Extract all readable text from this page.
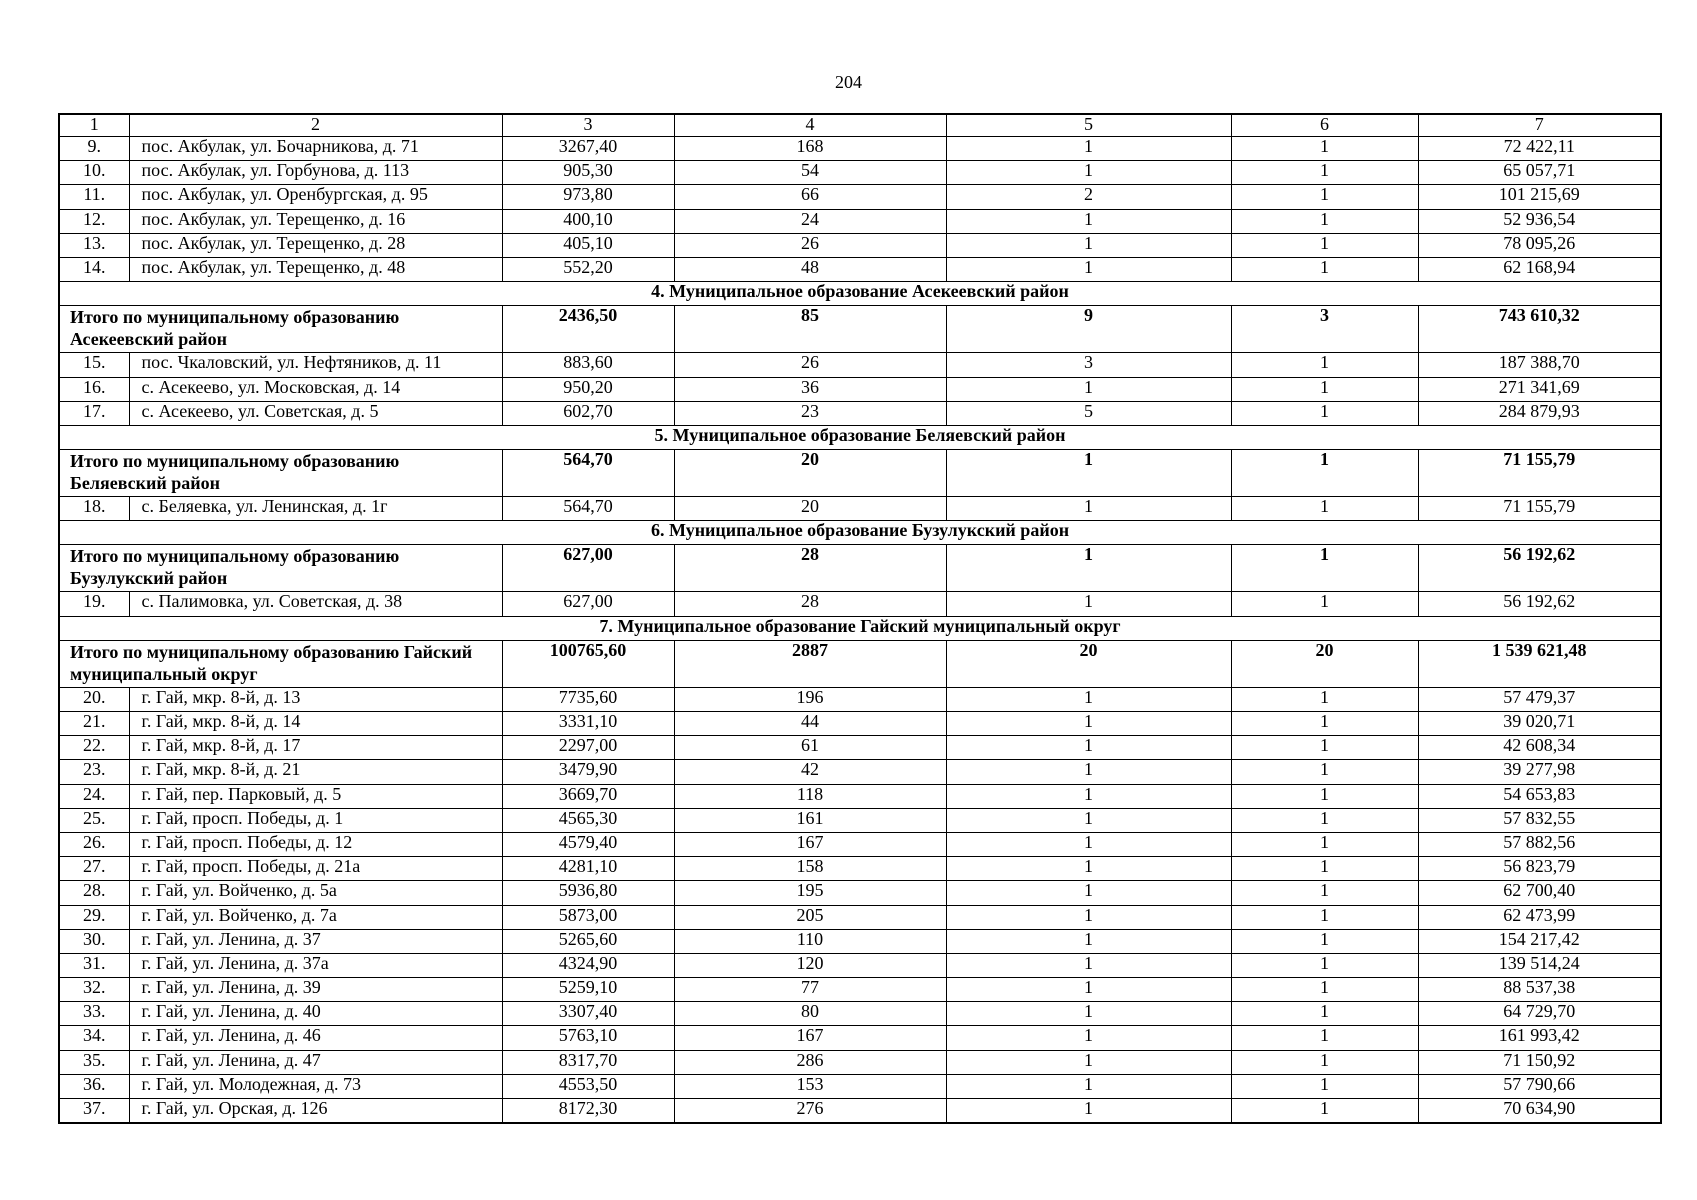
204
1	2	3	4	5	6	7
9.	пос. Акбулак, ул. Бочарникова, д. 71	3267,40	168	1	1	72 422,11
10.	пос. Акбулак, ул. Горбунова, д. 113	905,30	54	1	1	65 057,71
11.	пос. Акбулак, ул. Оренбургская, д. 95	973,80	66	2	1	101 215,69
12.	пос. Акбулак, ул. Терещенко, д. 16	400,10	24	1	1	52 936,54
13.	пос. Акбулак, ул. Терещенко, д. 28	405,10	26	1	1	78 095,26
14.	пос. Акбулак, ул. Терещенко, д. 48	552,20	48	1	1	62 168,94
4. Муниципальное образование Асекеевский район						
Итого по муниципальному образованию Асекеевский район		2436,50	85	9	3	743 610,32
15.	пос. Чкаловский, ул. Нефтяников, д. 11	883,60	26	3	1	187 388,70
16.	с. Асекеево, ул. Московская, д. 14	950,20	36	1	1	271 341,69
17.	с. Асекеево, ул. Советская, д. 5	602,70	23	5	1	284 879,93
5. Муниципальное образование Беляевский район						
Итого по муниципальному образованию Беляевский район		564,70	20	1	1	71 155,79
18.	с. Беляевка, ул. Ленинская, д. 1г	564,70	20	1	1	71 155,79
6. Муниципальное образование Бузулукский район						
Итого по муниципальному образованию Бузулукский район		627,00	28	1	1	56 192,62
19.	с. Палимовка, ул. Советская, д. 38	627,00	28	1	1	56 192,62
7. Муниципальное образование Гайский муниципальный округ						
Итого по муниципальному образованию Гайский муниципальный округ		100765,60	2887	20	20	1 539 621,48
20.	г. Гай, мкр. 8-й, д. 13	7735,60	196	1	1	57 479,37
21.	г. Гай, мкр. 8-й, д. 14	3331,10	44	1	1	39 020,71
22.	г. Гай, мкр. 8-й, д. 17	2297,00	61	1	1	42 608,34
23.	г. Гай, мкр. 8-й, д. 21	3479,90	42	1	1	39 277,98
24.	г. Гай, пер. Парковый, д. 5	3669,70	118	1	1	54 653,83
25.	г. Гай, просп. Победы, д. 1	4565,30	161	1	1	57 832,55
26.	г. Гай, просп. Победы, д. 12	4579,40	167	1	1	57 882,56
27.	г. Гай, просп. Победы, д. 21а	4281,10	158	1	1	56 823,79
28.	г. Гай, ул. Войченко, д. 5а	5936,80	195	1	1	62 700,40
29.	г. Гай, ул. Войченко, д. 7а	5873,00	205	1	1	62 473,99
30.	г. Гай, ул. Ленина, д. 37	5265,60	110	1	1	154 217,42
31.	г. Гай, ул. Ленина, д. 37а	4324,90	120	1	1	139 514,24
32.	г. Гай, ул. Ленина, д. 39	5259,10	77	1	1	88 537,38
33.	г. Гай, ул. Ленина, д. 40	3307,40	80	1	1	64 729,70
34.	г. Гай, ул. Ленина, д. 46	5763,10	167	1	1	161 993,42
35.	г. Гай, ул. Ленина, д. 47	8317,70	286	1	1	71 150,92
36.	г. Гай, ул. Молодежная, д. 73	4553,50	153	1	1	57 790,66
37.	г. Гай, ул. Орская, д. 126	8172,30	276	1	1	70 634,90
